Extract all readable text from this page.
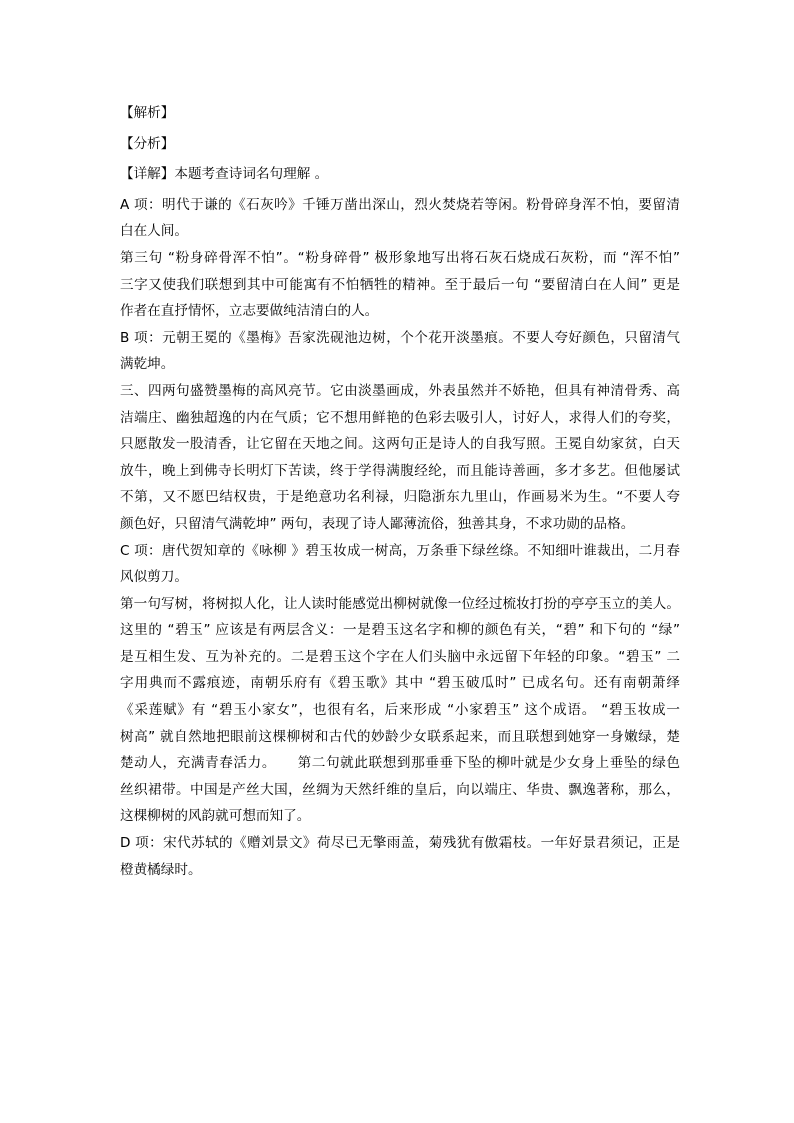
【解析】
【分析】
【详解】本题考查诗词名句理解 。
A 项：明代于谦的《石灰吟》千锤万凿出深山，烈火焚烧若等闲。粉骨碎身浑不怕，要留清
白在人间。
第三句 “粉身碎骨浑不怕”。“粉身碎骨” 极形象地写出将石灰石烧成石灰粉，而 “浑不怕”
三字又使我们联想到其中可能寓有不怕牺牲的精神。至于最后一句 “要留清白在人间” 更是
作者在直抒情怀，立志要做纯洁清白的人。
B 项：元朝王冕的《墨梅》吾家洗砚池边树，个个花开淡墨痕。不要人夸好颜色，只留清气
满乾坤。
三、四两句盛赞墨梅的高风亮节。它由淡墨画成，外表虽然并不娇艳，但具有神清骨秀、高
洁端庄、幽独超逸的内在气质；它不想用鲜艳的色彩去吸引人，讨好人，求得人们的夸奖，
只愿散发一股清香，让它留在天地之间。这两句正是诗人的自我写照。王冕自幼家贫，白天
放牛，晚上到佛寺长明灯下苦读，终于学得满腹经纶，而且能诗善画，多才多艺。但他屡试
不第，又不愿巴结权贵，于是绝意功名利禄，归隐浙东九里山，作画易米为生。“不要人夸
颜色好，只留清气满乾坤” 两句，表现了诗人鄙薄流俗，独善其身，不求功勋的品格。
C 项：唐代贺知章的《咏柳 》碧玉妆成一树高，万条垂下绿丝绦。不知细叶谁裁出，二月春
风似剪刀。
第一句写树，将树拟人化，让人读时能感觉出柳树就像一位经过梳妆打扮的亭亭玉立的美人。
这里的 “碧玉” 应该是有两层含义：一是碧玉这名字和柳的颜色有关，“碧” 和下句的 “绿”
是互相生发、互为补充的。二是碧玉这个字在人们头脑中永远留下年轻的印象。“碧玉” 二
字用典而不露痕迹，南朝乐府有《碧玉歌》其中 “碧玉破瓜时” 已成名句。还有南朝萧绎
《采莲赋》有 “碧玉小家女”，也很有名，后来形成 “小家碧玉” 这个成语。 “碧玉妆成一
树高” 就自然地把眼前这棵柳树和古代的妙龄少女联系起来，而且联想到她穿一身嫩绿，楚
楚动人，充满青春活力。　　第二句就此联想到那垂垂下坠的柳叶就是少女身上垂坠的绿色
丝织裙带。中国是产丝大国，丝绸为天然纤维的皇后，向以端庄、华贵、飘逸著称，那么，
这棵柳树的风韵就可想而知了。
D 项：宋代苏轼的《赠刘景文》荷尽已无擎雨盖，菊残犹有傲霜枝。一年好景君须记，正是
橙黄橘绿时。
